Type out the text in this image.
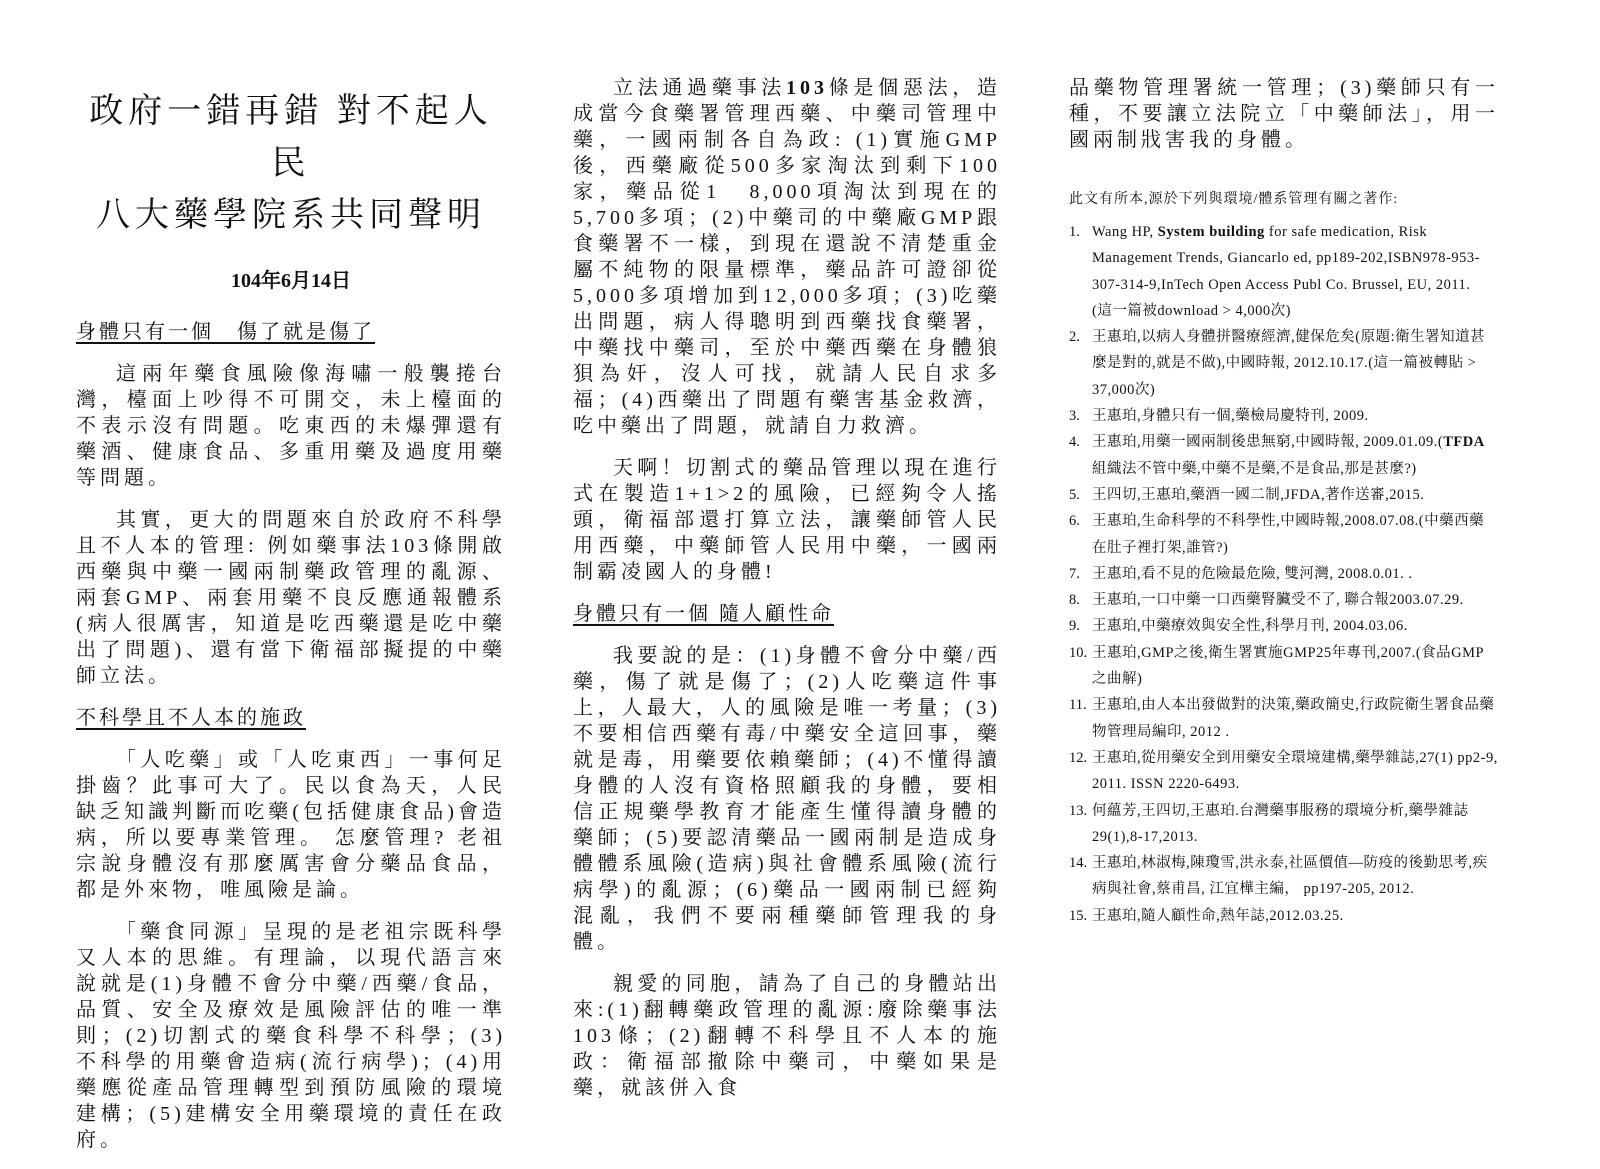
政府一錯再錯 對不起人民
八大藥學院系共同聲明
104年6月14日
身體只有一個　傷了就是傷了

這兩年藥食風險像海嘯一般襲捲台灣，檯面上吵得不可開交，未上檯面的不表示沒有問題。吃東西的未爆彈還有藥酒、健康食品、多重用藥及過度用藥等問題。

其實，更大的問題來自於政府不科學且不人本的管理: 例如藥事法103條開啟西藥與中藥一國兩制藥政管理的亂源、兩套GMP、兩套用藥不良反應通報體系(病人很厲害，知道是吃西藥還是吃中藥出了問題)、還有當下衛福部擬提的中藥師立法。

不科學且不人本的施政

「人吃藥」或「人吃東西」一事何足掛齒？此事可大了。民以食為天，人民缺乏知識判斷而吃藥(包括健康食品)會造病，所以要專業管理。 怎麼管理? 老祖宗說身體沒有那麼厲害會分藥品食品，都是外來物，唯風險是論。

「藥食同源」呈現的是老祖宗既科學又人本的思維。有理論，以現代語言來說就是(1)身體不會分中藥/西藥/食品，品質、安全及療效是風險評估的唯一準則；(2)切割式的藥食科學不科學；(3)不科學的用藥會造病(流行病學)；(4)用藥應從產品管理轉型到預防風險的環境建構；(5)建構安全用藥環境的責任在政府。

立法通過藥事法103條是個惡法，造成當今食藥署管理西藥、中藥司管理中藥，一國兩制各自為政: (1)實施GMP後，西藥廠從500多家淘汰到剩下100家，藥品從1　8,000項淘汰到現在的5,700多項；(2)中藥司的中藥廠GMP跟食藥署不一樣，到現在還說不清楚重金屬不純物的限量標準，藥品許可證卻從5,000多項增加到12,000多項；(3)吃藥出問題，病人得聰明到西藥找食藥署，中藥找中藥司，至於中藥西藥在身體狼狽為奸，沒人可找，就請人民自求多福；(4)西藥出了問題有藥害基金救濟，吃中藥出了問題，就請自力救濟。

天啊！切割式的藥品管理以現在進行式在製造1+1>2的風險，已經夠令人搖頭，衛福部還打算立法，讓藥師管人民用西藥，中藥師管人民用中藥，一國兩制霸凌國人的身體!

身體只有一個 隨人顧性命

我要說的是：(1)身體不會分中藥/西藥，傷了就是傷了；(2)人吃藥這件事上，人最大，人的風險是唯一考量；(3)不要相信西藥有毒/中藥安全這回事，藥就是毒，用藥要依賴藥師；(4)不懂得讀身體的人沒有資格照顧我的身體，要相信正規藥學教育才能產生懂得讀身體的藥師；(5)要認清藥品一國兩制是造成身體體系風險(造病)與社會體系風險(流行病學)的亂源；(6)藥品一國兩制已經夠混亂，我們不要兩種藥師管理我的身體。

親愛的同胞，請為了自己的身體站出來:(1)翻轉藥政管理的亂源:廢除藥事法103條；(2)翻轉不科學且不人本的施政：衛福部撤除中藥司，中藥如果是藥，就該併入食

品藥物管理署統一管理；(3)藥師只有一種，不要讓立法院立「中藥師法」，用一國兩制戕害我的身體。

此文有所本,源於下列與環境/體系管理有關之著作:
1. Wang HP, System building for safe medication, Risk Management Trends, Giancarlo ed, pp189-202,ISBN978-953-307-314-9,InTech Open Access Publ Co. Brussel, EU, 2011.
(這一篇被download > 4,000次)
2. 王惠珀,以病人身體拼醫療經濟,健保危矣(原題:衛生署知道甚麼是對的,就是不做),中國時報, 2012.10.17.(這一篇被轉貼 > 37,000次)
3. 王惠珀,身體只有一個,藥檢局慶特刊, 2009.
4. 王惠珀,用藥一國兩制後患無窮,中國時報, 2009.01.09.(TFDA組織法不管中藥,中藥不是藥,不是食品,那是甚麼?)
5. 王四切,王惠珀,藥酒一國二制,JFDA,著作送審,2015.
6. 王惠珀,生命科學的不科學性,中國時報,2008.07.08.(中藥西藥在肚子裡打架,誰管?)
7. 王惠珀,看不見的危險最危險, 雙河灣, 2008.0.01. .
8. 王惠珀,一口中藥一口西藥腎臟受不了, 聯合報2003.07.29.
9. 王惠珀,中藥療效與安全性,科學月刊, 2004.03.06.
10. 王惠珀,GMP之後,衛生署實施GMP25年專刊,2007.(食品GMP之曲解)
11. 王惠珀,由人本出發做對的決策,藥政簡史,行政院衛生署食品藥物管理局編印, 2012 .
12. 王惠珀,從用藥安全到用藥安全環境建構,藥學雜誌,27(1) pp2-9, 2011. ISSN 2220-6493.
13. 何蘊芳,王四切,王惠珀.台灣藥事服務的環境分析,藥學雜誌 29(1),8-17,2013.
14. 王惠珀,林淑梅,陳瓊雪,洪永泰,社區價值—防疫的後勤思考,疾病與社會,蔡甫昌, 江宜樺主編， pp197-205, 2012.
15. 王惠珀,隨人顧性命,熱年誌,2012.03.25.
